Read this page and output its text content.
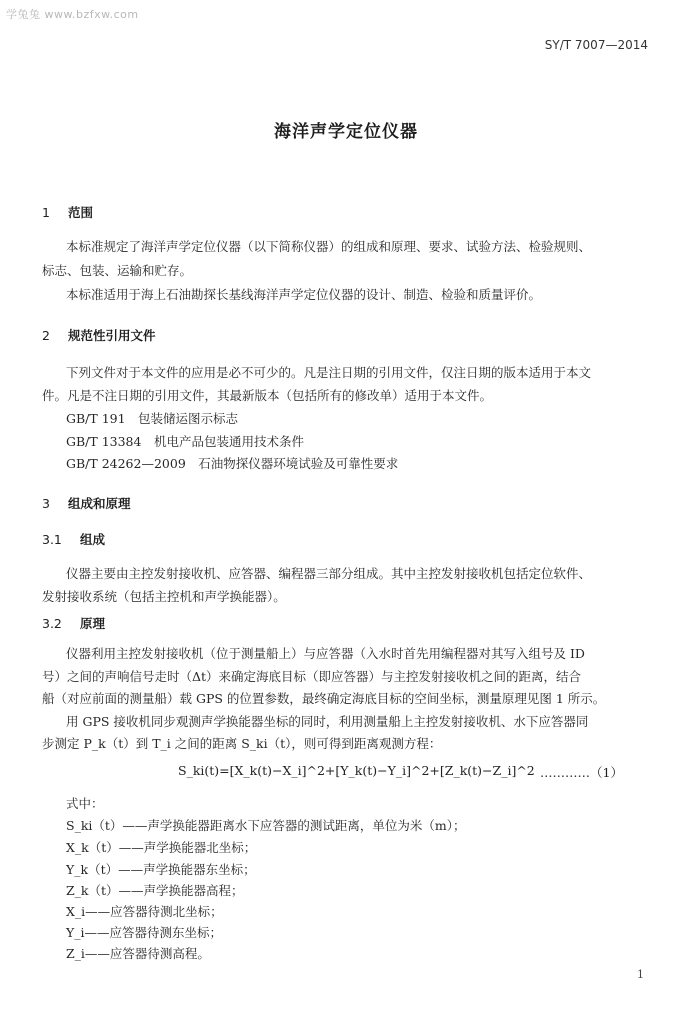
学兔兔 www.bzfxw.com
SY/T 7007—2014
海洋声学定位仪器
1 范围
本标准规定了海洋声学定位仪器（以下简称仪器）的组成和原理、要求、试验方法、检验规则、
标志、包装、运输和贮存。
本标准适用于海上石油勘探长基线海洋声学定位仪器的设计、制造、检验和质量评价。
2 规范性引用文件
下列文件对于本文件的应用是必不可少的。凡是注日期的引用文件，仅注日期的版本适用于本文
件。凡是不注日期的引用文件，其最新版本（包括所有的修改单）适用于本文件。
GB/T 191　包装储运图示标志
GB/T 13384　机电产品包装通用技术条件
GB/T 24262—2009　石油物探仪器环境试验及可靠性要求
3 组成和原理
3.1 组成
仪器主要由主控发射接收机、应答器、编程器三部分组成。其中主控发射接收机包括定位软件、
发射接收系统（包括主控机和声学换能器）。
3.2 原理
仪器利用主控发射接收机（位于测量船上）与应答器（入水时首先用编程器对其写入组号及 ID
号）之间的声响信号走时（Δt）来确定海底目标（即应答器）与主控发射接收机之间的距离，结合
船（对应前面的测量船）载 GPS 的位置参数，最终确定海底目标的空间坐标，测量原理见图 1 所示。
用 GPS 接收机同步观测声学换能器坐标的同时，利用测量船上主控发射接收机、水下应答器同
步测定 P_k（t）到 T_i 之间的距离 S_ki（t），则可得到距离观测方程：
S_ki(t)=[X_k(t)−X_i]^2+[Y_k(t)−Y_i]^2+[Z_k(t)−Z_i]^2 …………（1）
式中：
S_ki（t）——声学换能器距离水下应答器的测试距离，单位为米（m）；
X_k（t）——声学换能器北坐标；
Y_k（t）——声学换能器东坐标；
Z_k（t）——声学换能器高程；
X_i——应答器待测北坐标；
Y_i——应答器待测东坐标；
Z_i——应答器待测高程。
1
